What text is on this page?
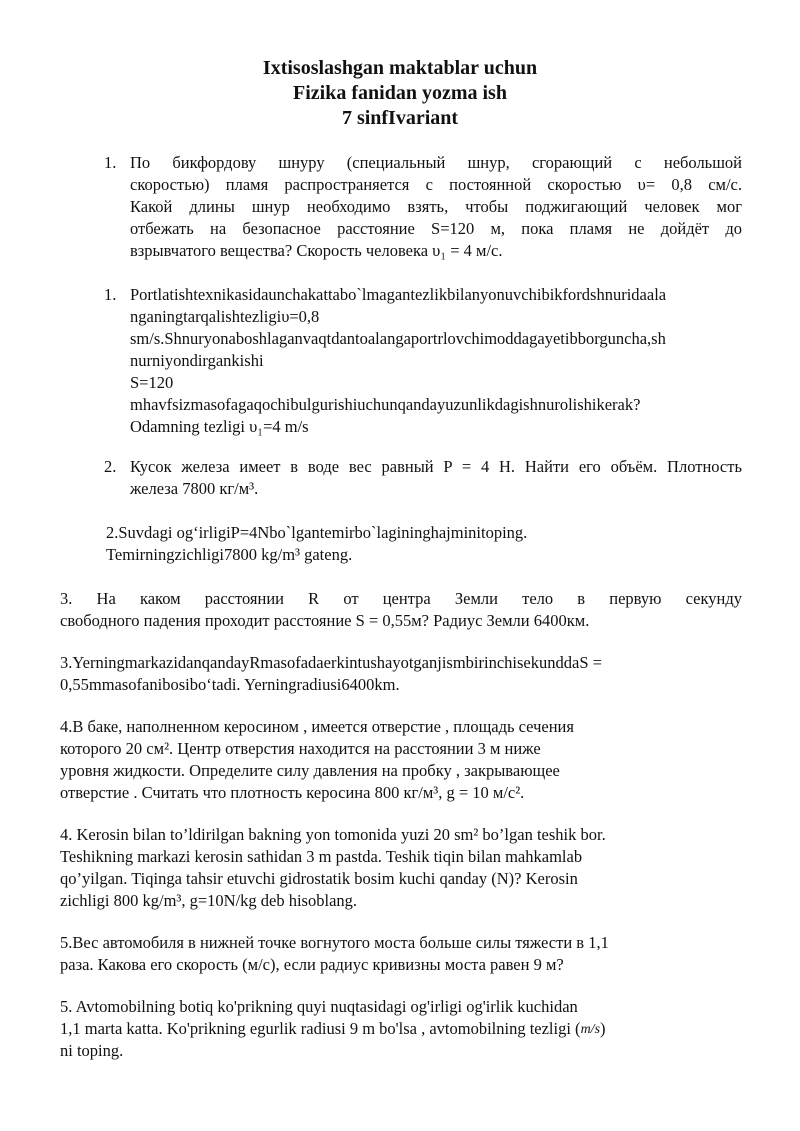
Ixtisoslashgan maktablar uchun
Fizika fanidan yozma ish
7 sinfIvariant
1. По бикфордову шнуру (специальный шнур, сгорающий с небольшой
скоростью) пламя распространяется с постоянной скоростью υ= 0,8 см/с.
Какой длины шнур необходимо взять, чтобы поджигающий человек мог
отбежать на безопасное расстояние S=120 м, пока пламя не дойдёт до
взрывчатого вещества? Скорость человека υ₁ = 4 м/с.
1. Portlatishtexnikasidaunchakattabo`lmagantezlikbilanyonuvchibikfordshnuridaala
nganingtarqalishtezligiυ=0,8
sm/s.Shnuryonaboshlaganvaqtdantoalangaportrlovchimoddagayetibborguncha,sh
nurniyondirgankishi
S=120
mhavfsizmasofagaqochibulgurishiuchunqandayuzunlikdagishnurolishikerak?
Odamning tezligi υ₁=4 m/s
2. Кусок железа имеет в воде вес равный P = 4 Н. Найти его объём. Плотность
железа 7800 кг/м³.
2.Suvdagi og‘irligiP=4Nbo`lgantemirbo`lagininghajminitoping.
Temirningzichligi7800 kg/m³ gateng.
3. На каком расстоянии R от центра Земли тело в первую секунду
свободного падения проходит расстояние S = 0,55м? Радиус Земли 6400км.
3.YerningmarkazidanqandayRmasofadaerkintushayotganjismbirinchisekunddaS =
0,55mmasofanibosibo‘tadi. Yerningradiusi6400km.
4.В баке, наполненном керосином , имеется отверстие , площадь сечения
которого 20 см². Центр отверстия находится на расстоянии 3 м ниже
уровня жидкости. Определите силу давления на пробку , закрывающее
отверстие . Считать что плотность керосина 800 кг/м³, g = 10 м/с².
4. Kerosin bilan to’ldirilgan bakning yon tomonida yuzi 20 sm² bo’lgan teshik bor.
Teshikning markazi kerosin sathidan 3 m pastda. Teshik tiqin bilan mahkamlab
qo’yilgan. Tiqinga tahsir etuvchi gidrostatik bosim kuchi qanday (N)? Kerosin
zichligi 800 kg/m³, g=10N/kg deb hisoblang.
5.Вес автомобиля в нижней точке вогнутого моста больше силы тяжести в 1,1
раза. Какова его скорость (м/с), если радиус кривизны моста равен 9 м?
5. Avtomobilning botiq ko'prikning quyi nuqtasidagi og'irligi og'irlik kuchidan
1,1 marta katta. Ko'prikning egurlik radiusi 9 m bo'lsa , avtomobilning tezligi (m/s)
ni toping.
